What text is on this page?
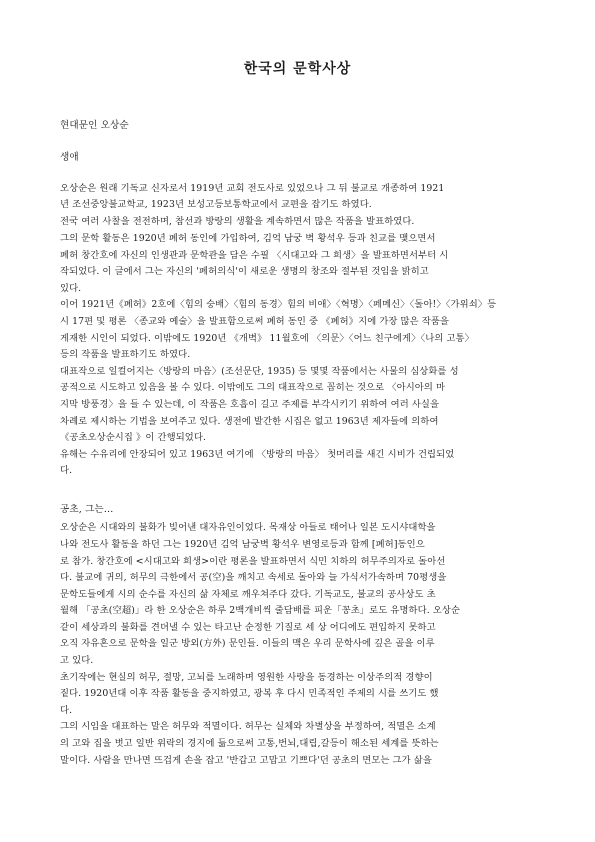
한국의 문학사상
현대문인 오상순
생애
오상순은 원래 기독교 신자로서 1919년 교회 전도사로 있었으나 그 뒤 불교로 개종하여 1921
년 조선중앙불교학교, 1923년 보성고등보통학교에서 교편을 잡기도 하였다.
전국 여러 사찰을 전전하며, 참선과 방랑의 생활을 계속하면서 많은 작품을 발표하였다.
그의 문학 활동은 1920년 폐허 동인에 가입하여, 김억 남궁 벽 황석우 등과 친교를 맺으면서
폐허 창간호에 자신의 인생관과 문학관을 담은 수필 〈시대고와 그 희생〉을 발표하면서부터 시
작되었다. 이 글에서 그는 자신의 '폐허의식'이 새로운 생명의 창조와 절부된 것임을 밝히고
있다.
이어 1921년《폐허》2호에〈힘의 숭배〉〈힘의 동경〉힘의 비애〉〈혁명〉〈페메신〉〈돌아!〉〈가위쇠〉등
시 17편 및 평론 〈종교와 예술〉을 발표함으로써 폐허 동인 중 《폐허》지에 가장 많은 작품을
게재한 시인이 되었다. 이밖에도 1920년 《개벽》 11월호에 〈의문〉〈어느 친구에게〉〈나의 고통〉
등의 작품을 발표하기도 하였다.
대표작으로 일컬어지는〈방랑의 마음〉(조선문단, 1935) 등 몇몇 작품에서는 사물의 심상화를 성
공적으로 시도하고 있음을 볼 수 있다. 이밖에도 그의 대표작으로 꼽히는 것으로 〈아시아의 마
지막 방풍경〉을 들 수 있는데, 이 작품은 호흡이 길고 주제를 부각시키기 위하여 여러 사실을
차례로 제시하는 기법을 보여주고 있다. 생전에 발간한 시집은 없고 1963년 제자들에 의하여
《공초오상순시집 》이 간행되었다.
유해는 수유리에 안장되어 있고 1963년 여기에 〈방랑의 마음〉 첫머리를 새긴 시비가 건립되었
다.
공초, 그는…
오상순은 시대와의 불화가 빚어낸 대자유인이었다. 목재상 아들로 태어나 일본 도시샤대학을
나와 전도사 활동을 하던 그는 1920년 김억 남궁벽 황석우 변영로등과 함께 [폐허]동인으
로 참가. 창간호에 <시대고와 희생>이란 평론을 발표하면서 식민 치하의 허무주의자로 돌아선
다. 불교에 귀의, 허무의 극한에서 공(空)을 깨치고 속세로 돌아와 늘 가식서가속하며 70평생을
문학도들에게 시의 순수를 자신의 삶 자체로 깨우쳐주다 갔다. 기독교도, 불교의 공사상도 초
월해 「공초(空超)」라 한 오상순은 하루 2백개비씩 줄담배를 피운「꽁초」로도 유명하다. 오상순
같이 세상과의 불화를 견뎌낼 수 있는 타고난 순정한 기질로 세 상 어디에도 편입하지 못하고
오직 자유혼으로 문학을 일군 방외(方外) 문인들. 이들의 맥은 우리 문학사에 깊은 골을 이루
고 있다.
초기작에는 현실의 허무, 절망, 고뇌를 노래하며 영원한 사랑을 동경하는 이상주의적 경향이
짙다. 1920년대 이후 작품 활동을 중지하였고, 광복 후 다시 민족적인 주제의 시를 쓰기도 했
다.
그의 시임을 대표하는 말은 허무와 적멸이다. 허무는 실체와 차별상을 부정하여, 적멸은 소계
의 고와 집을 벗고 일반 위락의 경지에 듦으로써 고통,번뇌,대립,갈등이 해소된 세계를 뜻하는
말이다. 사람을 만나면 뜨겁게 손을 잡고 '반갑고 고맙고 기쁘다'던 공초의 면모는 그가 삶을
